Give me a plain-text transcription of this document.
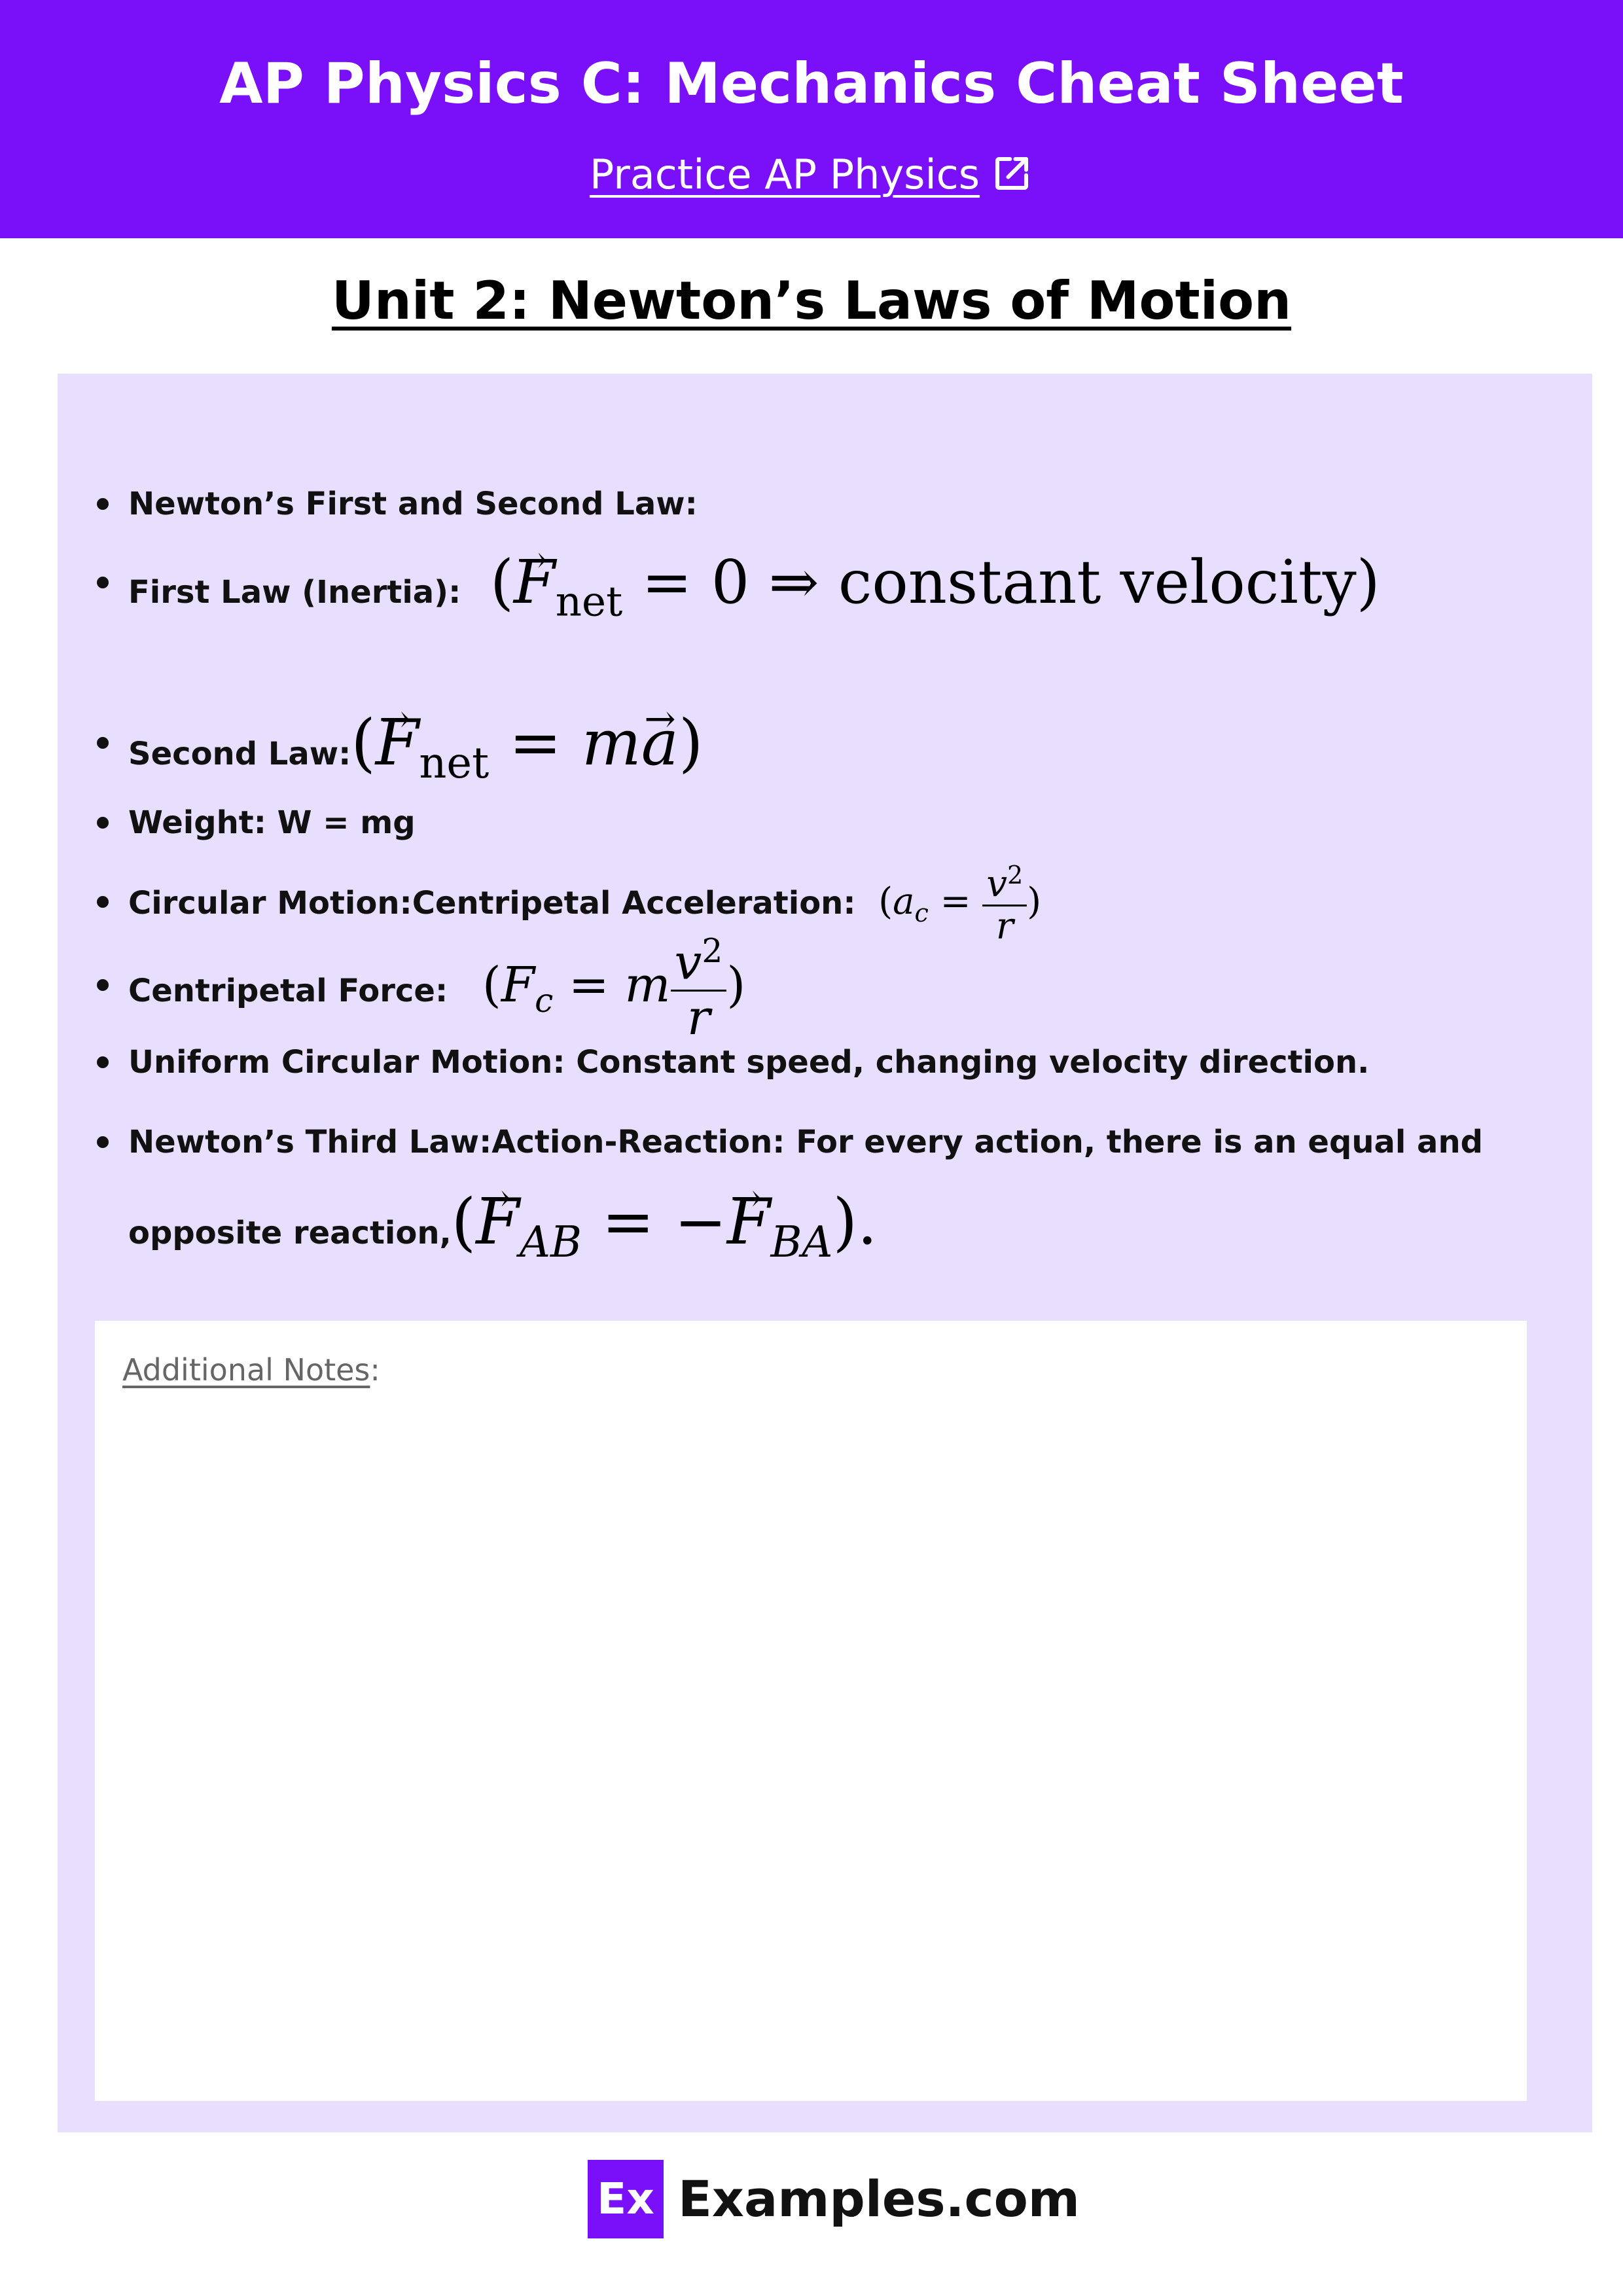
AP Physics C: Mechanics Cheat Sheet
Practice AP Physics
Unit 2: Newton’s Laws of Motion
Newton’s First and Second Law:
First Law (Inertia): (→ $F_{net} = 0$ ⇒ constant velocity)
Second Law:(→ $F_{net} = m\to a$)
Weight: W = mg
Circular Motion:Centripetal Acceleration: ($a_c = \frac{v^2}{r}$ )
Centripetal Force: ($F_c = m \frac{v^2}{r}$ )
Uniform Circular Motion: Constant speed, changing velocity direction.
Newton’s Third Law:Action-Reaction: For every action, there is an equal and
opposite reaction,(→ $F_{AB}$ = −→ $F_{BA}$).
Additional Notes:
Ex Examples.com
